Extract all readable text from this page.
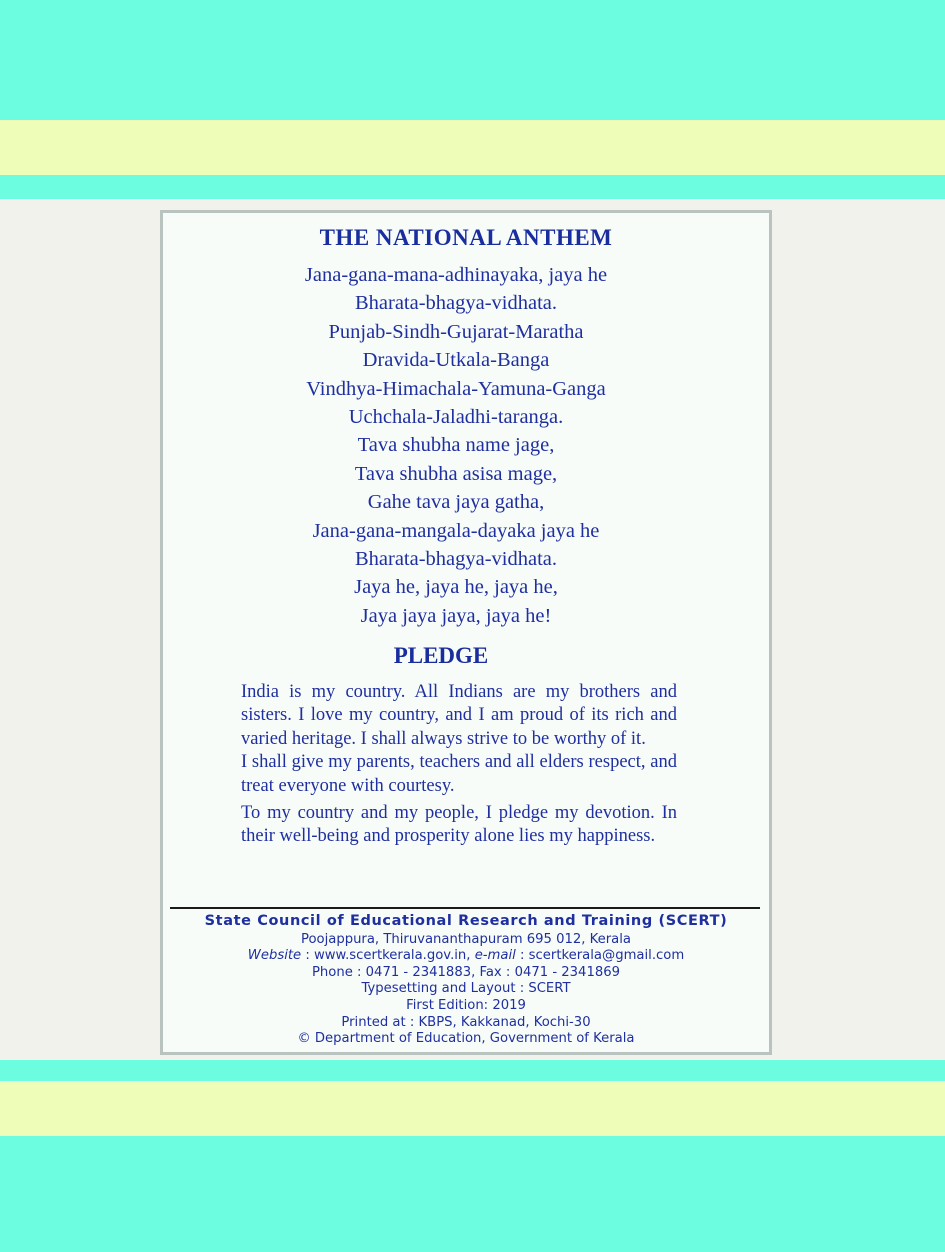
THE NATIONAL ANTHEM
Jana-gana-mana-adhinayaka, jaya he
Bharata-bhagya-vidhata.
Punjab-Sindh-Gujarat-Maratha
Dravida-Utkala-Banga
Vindhya-Himachala-Yamuna-Ganga
Uchchala-Jaladhi-taranga.
Tava shubha name jage,
Tava shubha asisa mage,
Gahe tava jaya gatha,
Jana-gana-mangala-dayaka jaya he
Bharata-bhagya-vidhata.
Jaya he, jaya he, jaya he,
Jaya jaya jaya, jaya he!
PLEDGE

India is my country. All Indians are my brothers and sisters. I love my country, and I am proud of its rich and varied heritage. I shall always strive to be worthy of it.

I shall give my parents, teachers and all elders respect, and treat everyone with courtesy.

To my country and my people, I pledge my devotion. In their well-being and prosperity alone lies my happiness.

State Council of Educational Research and Training (SCERT)
Poojappura, Thiruvananthapuram 695 012, Kerala
Website : www.scertkerala.gov.in, e-mail : scertkerala@gmail.com
Phone : 0471 - 2341883, Fax : 0471 - 2341869
Typesetting and Layout : SCERT
First Edition: 2019
Printed at : KBPS, Kakkanad, Kochi-30
© Department of Education, Government of Kerala
